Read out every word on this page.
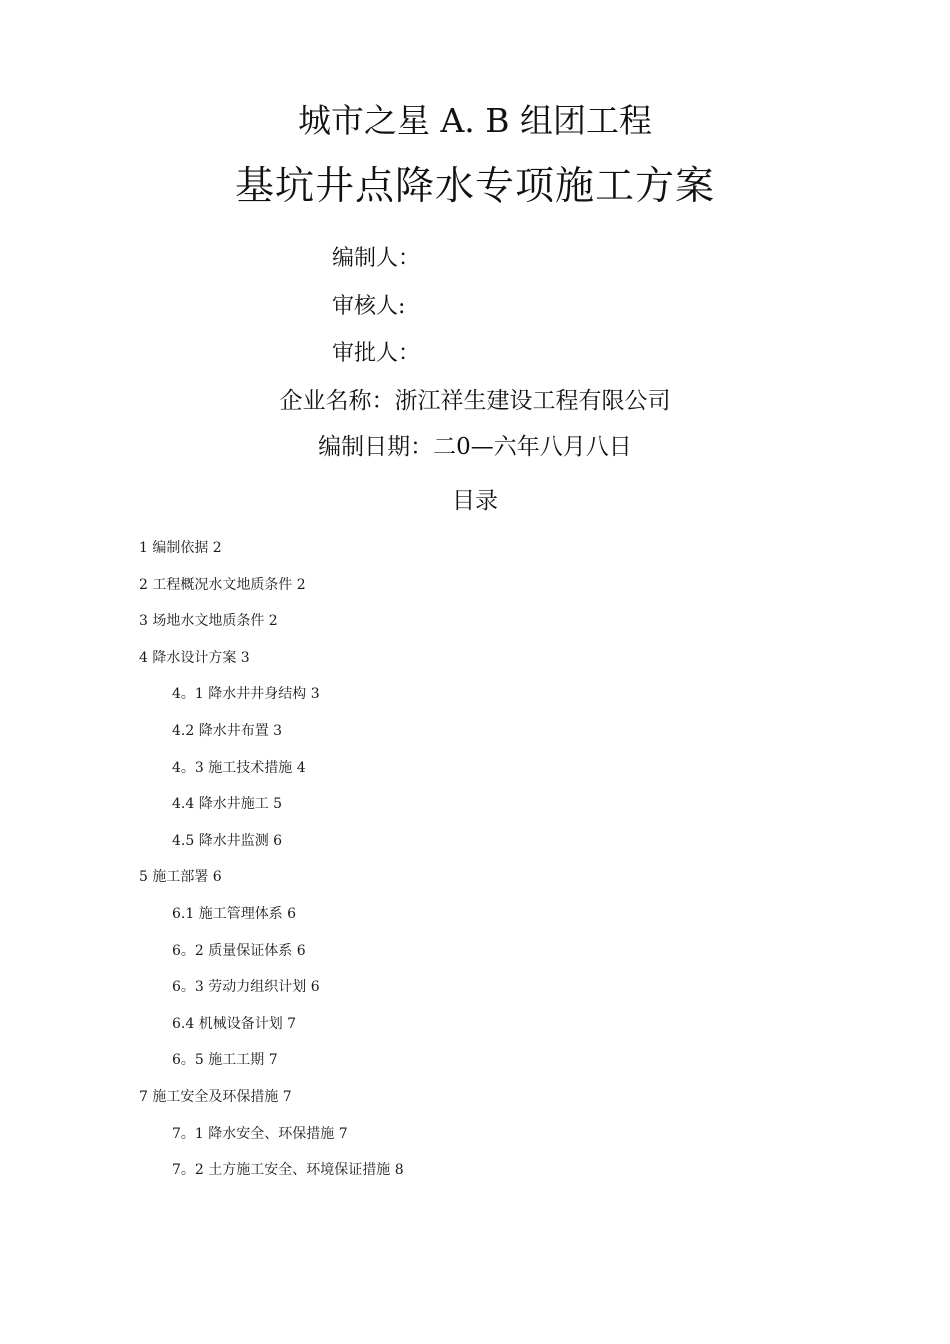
城市之星 A. B 组团工程
基坑井点降水专项施工方案
编制人：
审核人:
审批人：
企业名称：浙江祥生建设工程有限公司
编制日期：二0—六年八月八日
目录
1 编制依据 2
2 工程概况水文地质条件 2
3 场地水文地质条件 2
4 降水设计方案 3
4。1 降水井井身结构 3
4.2 降水井布置 3
4。3 施工技术措施 4
4.4 降水井施工 5
4.5 降水井监测 6
5 施工部署 6
6.1 施工管理体系 6
6。2 质量保证体系 6
6。3 劳动力组织计划 6
6.4 机械设备计划 7
6。5 施工工期 7
7 施工安全及环保措施 7
7。1 降水安全、环保措施 7
7。2 土方施工安全、环境保证措施 8
